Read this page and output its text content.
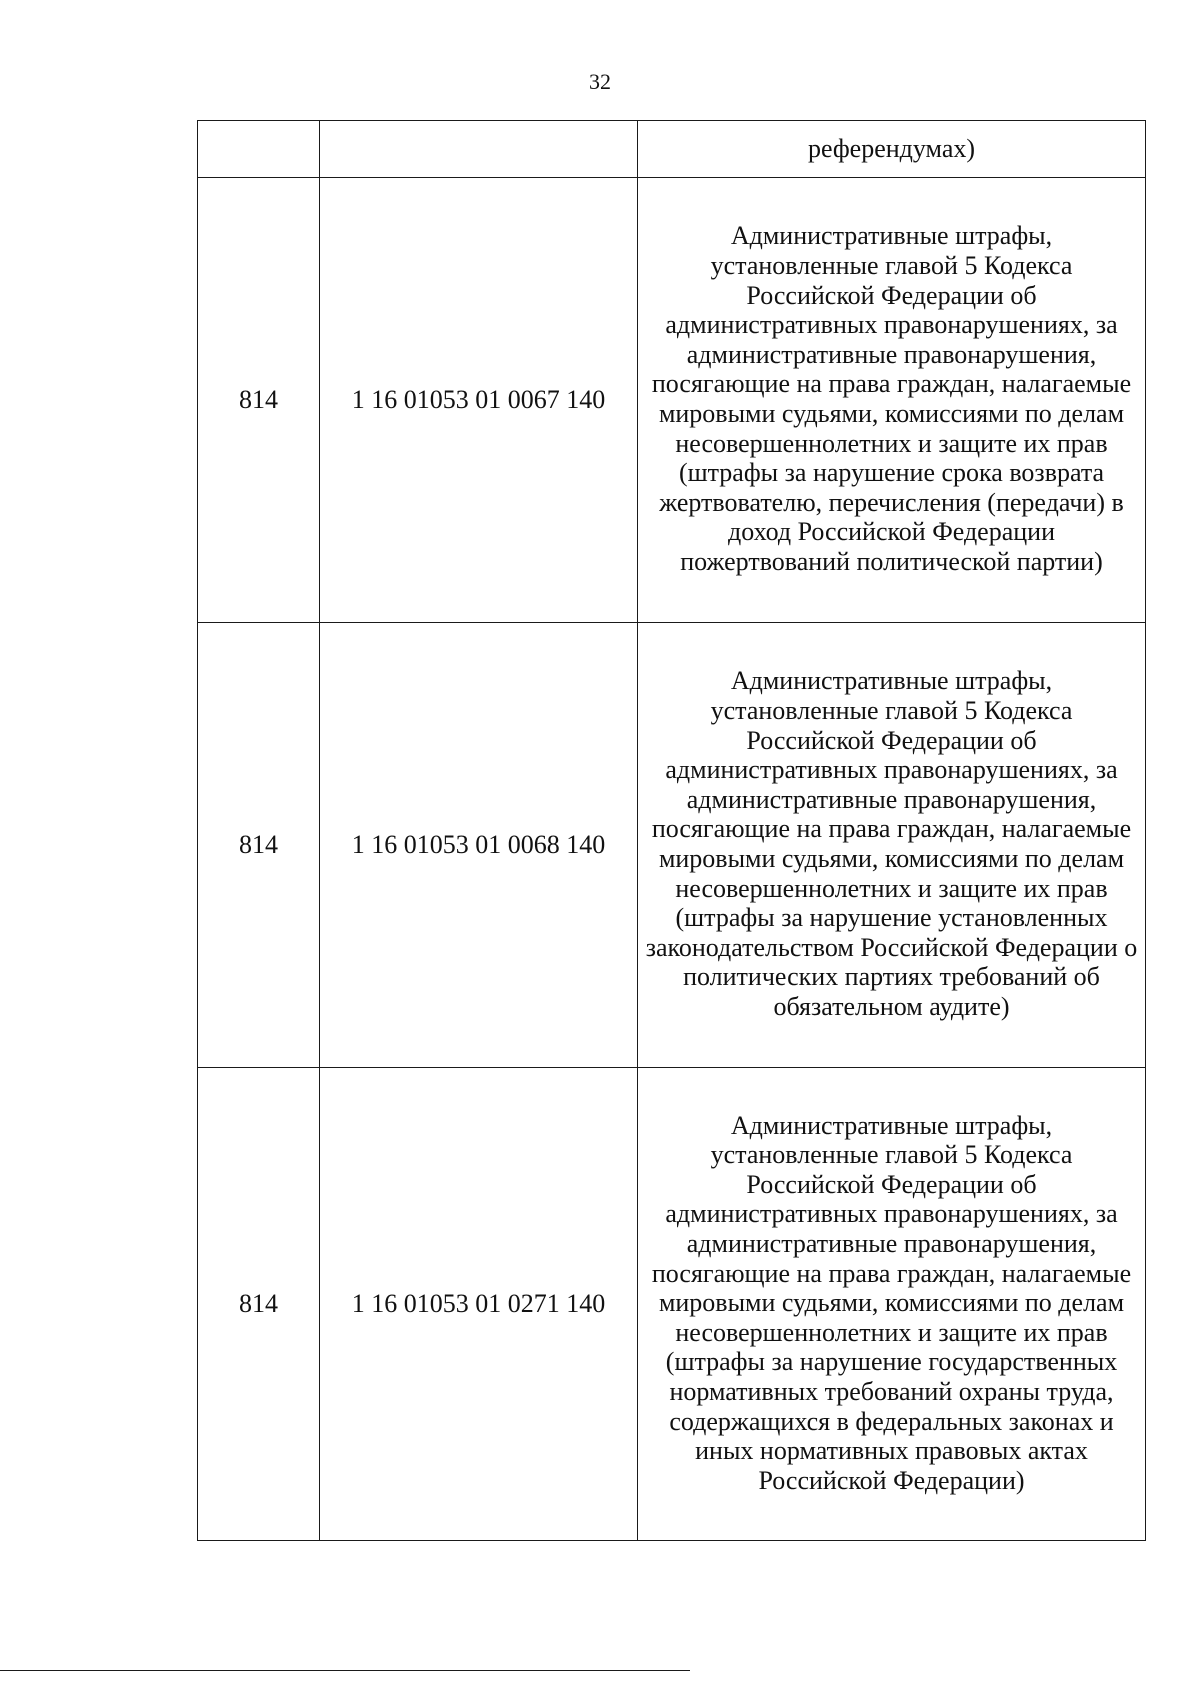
32
		референдумах)
814	1 16 01053 01 0067 140	Административные штрафы, установленные главой 5 Кодекса Российской Федерации об административных правонарушениях, за административные правонарушения, посягающие на права граждан, налагаемые мировыми судьями, комиссиями по делам несовершеннолетних и защите их прав (штрафы за нарушение срока возврата жертвователю, перечисления (передачи) в доход Российской Федерации пожертвований политической партии)
814	1 16 01053 01 0068 140	Административные штрафы, установленные главой 5 Кодекса Российской Федерации об административных правонарушениях, за административные правонарушения, посягающие на права граждан, налагаемые мировыми судьями, комиссиями по делам несовершеннолетних и защите их прав (штрафы за нарушение установленных законодательством Российской Федерации о политических партиях требований об обязательном аудите)
814	1 16 01053 01 0271 140	Административные штрафы, установленные главой 5 Кодекса Российской Федерации об административных правонарушениях, за административные правонарушения, посягающие на права граждан, налагаемые мировыми судьями, комиссиями по делам несовершеннолетних и защите их прав (штрафы за нарушение государственных нормативных требований охраны труда, содержащихся в федеральных законах и иных нормативных правовых актах Российской Федерации)
